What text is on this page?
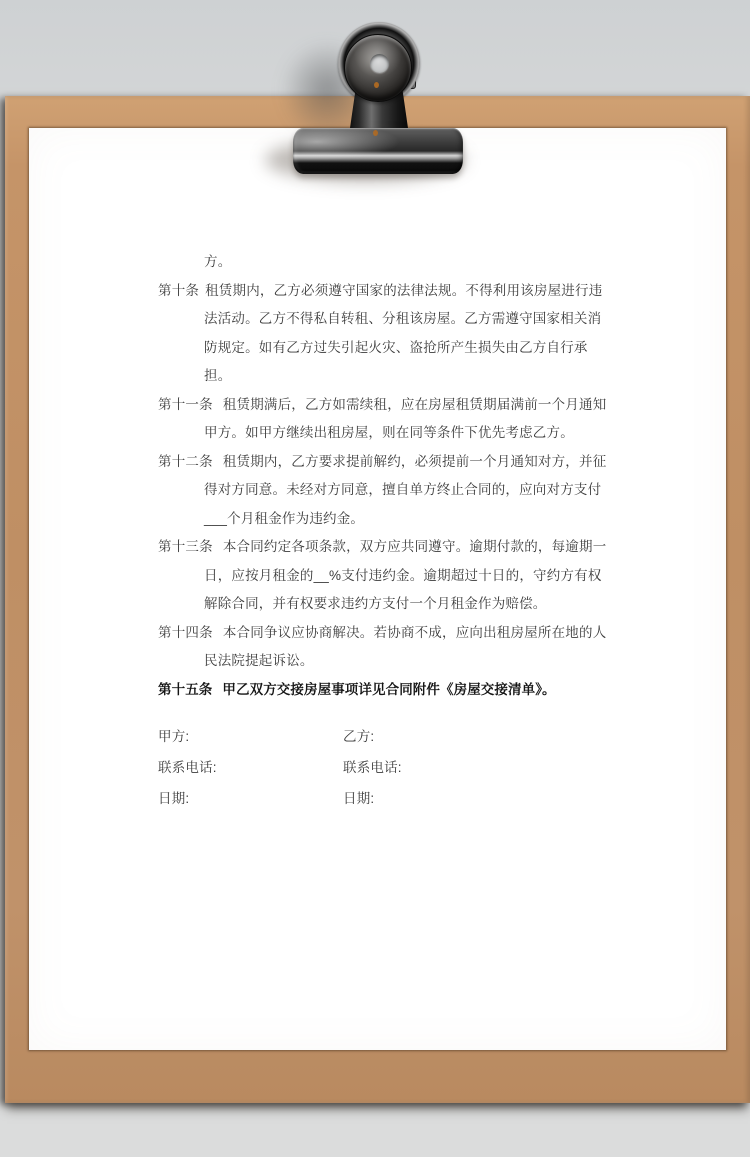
方。

第十条 租赁期内，乙方必须遵守国家的法律法规。不得利用该房屋进行违法活动。乙方不得私自转租、分租该房屋。乙方需遵守国家相关消防规定。如有乙方过失引起火灾、盗抢所产生损失由乙方自行承担。

第十一条 租赁期满后，乙方如需续租，应在房屋租赁期届满前一个月通知甲方。如甲方继续出租房屋，则在同等条件下优先考虑乙方。

第十二条 租赁期内，乙方要求提前解约，必须提前一个月通知对方，并征得对方同意。未经对方同意，擅自单方终止合同的，应向对方支付___个月租金作为违约金。

第十三条 本合同约定各项条款，双方应共同遵守。逾期付款的，每逾期一日，应按月租金的__%支付违约金。逾期超过十日的，守约方有权解除合同，并有权要求违约方支付一个月租金作为赔偿。

第十四条 本合同争议应协商解决。若协商不成，应向出租房屋所在地的人民法院提起诉讼。

第十五条 甲乙双方交接房屋事项详见合同附件《房屋交接清单》。

甲方:	乙方:
联系电话:	联系电话:
日期:	日期:
